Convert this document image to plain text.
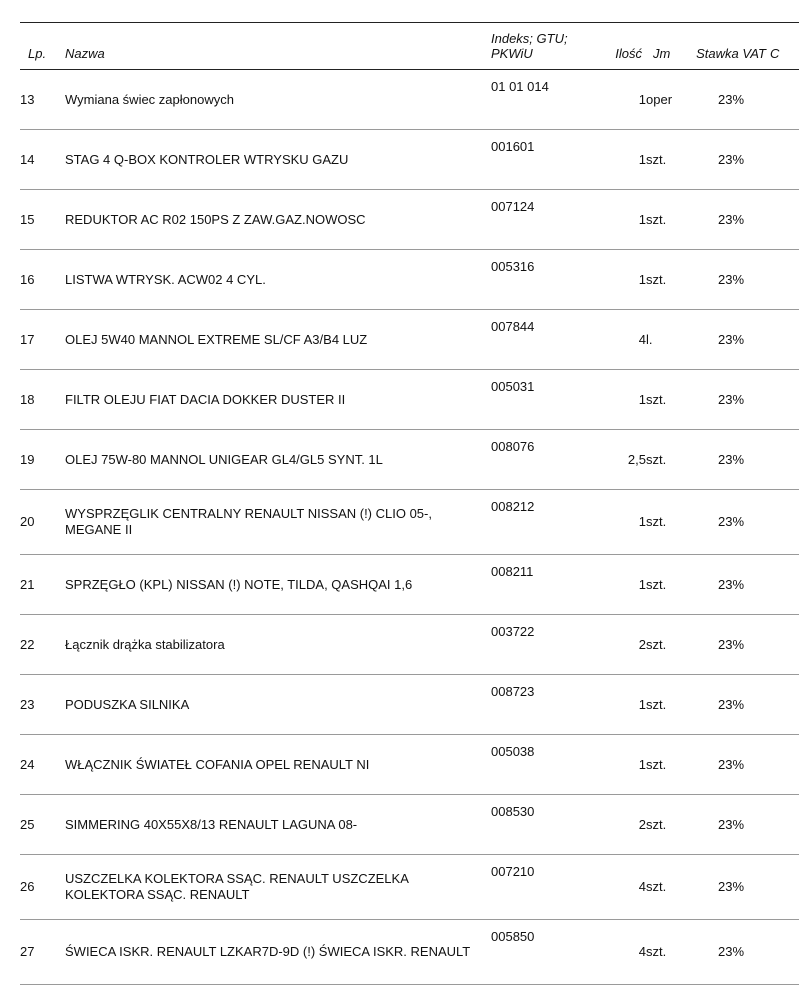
Lp.	Nazwa	Indeks; GTU; PKWiU	Ilość	Jm	Stawka VAT	C
13	Wymiana świec zapłonowych	01 01 014	1	oper	23%	
14	STAG 4 Q-BOX KONTROLER WTRYSKU GAZU	001601	1	szt.	23%	
15	REDUKTOR AC R02 150PS Z ZAW.GAZ.NOWOSC	007124	1	szt.	23%	
16	LISTWA WTRYSK. ACW02 4 CYL.	005316	1	szt.	23%	
17	OLEJ 5W40 MANNOL EXTREME SL/CF A3/B4 LUZ	007844	4	l.	23%	
18	FILTR OLEJU FIAT DACIA DOKKER DUSTER II	005031	1	szt.	23%	
19	OLEJ 75W-80 MANNOL UNIGEAR GL4/GL5 SYNT. 1L	008076	2,5	szt.	23%	
20	WYSPRZĘGLIK CENTRALNY RENAULT NISSAN (!) CLIO 05-, MEGANE II	008212	1	szt.	23%	
21	SPRZĘGŁO (KPL) NISSAN (!) NOTE, TILDA, QASHQAI 1,6	008211	1	szt.	23%	
22	Łącznik drążka stabilizatora	003722	2	szt.	23%	
23	PODUSZKA SILNIKA	008723	1	szt.	23%	
24	WŁĄCZNIK ŚWIATEŁ COFANIA OPEL RENAULT NI	005038	1	szt.	23%	
25	SIMMERING 40X55X8/13 RENAULT LAGUNA 08-	008530	2	szt.	23%	
26	USZCZELKA KOLEKTORA SSĄC. RENAULT USZCZELKA KOLEKTORA SSĄC. RENAULT	007210	4	szt.	23%	
27	ŚWIECA ISKR. RENAULT LZKAR7D-9D (!) ŚWIECA ISKR. RENAULT	005850	4	szt.	23%	
